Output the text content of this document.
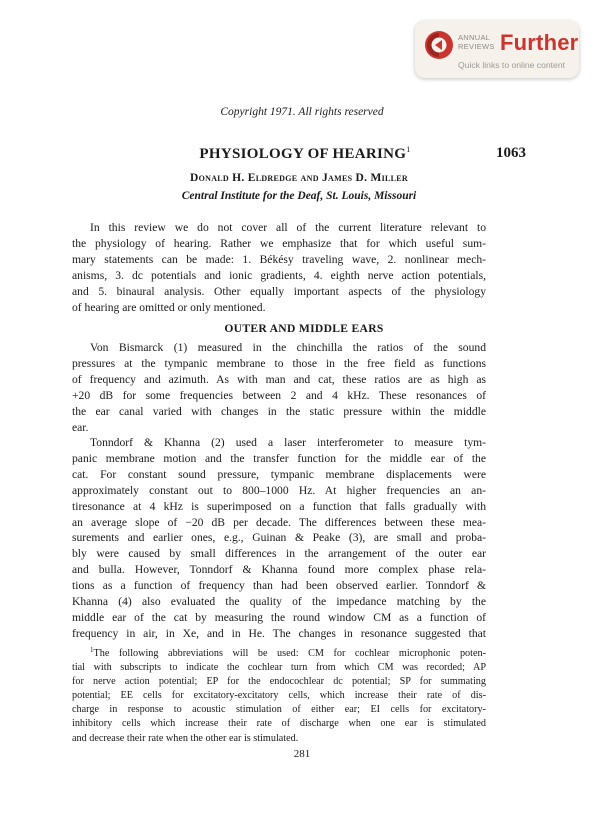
ANNUAL
REVIEWS Further
Quick links to online content
Copyright 1971. All rights reserved
PHYSIOLOGY OF HEARING$^1$	1063
Donald H. Eldredge and James D. Miller
Central Institute for the Deaf, St. Louis, Missouri
In this review we do not cover all of the current literature relevant to
the physiology of hearing. Rather we emphasize that for which useful sum-
mary statements can be made: 1. Békésy traveling wave, 2. nonlinear mech-
anisms, 3. dc potentials and ionic gradients, 4. eighth nerve action potentials,
and 5. binaural analysis. Other equally important aspects of the physiology
of hearing are omitted or only mentioned.
OUTER AND MIDDLE EARS
Von Bismarck (1) measured in the chinchilla the ratios of the sound
pressures at the tympanic membrane to those in the free field as functions
of frequency and azimuth. As with man and cat, these ratios are as high as
+20 dB for some frequencies between 2 and 4 kHz. These resonances of
the ear canal varied with changes in the static pressure within the middle
ear.
Tonndorf & Khanna (2) used a laser interferometer to measure tym-
panic membrane motion and the transfer function for the middle ear of the
cat. For constant sound pressure, tympanic membrane displacements were
approximately constant out to 800–1000 Hz. At higher frequencies an an-
tiresonance at 4 kHz is superimposed on a function that falls gradually with
an average slope of −20 dB per decade. The differences between these mea-
surements and earlier ones, e.g., Guinan & Peake (3), are small and proba-
bly were caused by small differences in the arrangement of the outer ear
and bulla. However, Tonndorf & Khanna found more complex phase rela-
tions as a function of frequency than had been observed earlier. Tonndorf &
Khanna (4) also evaluated the quality of the impedance matching by the
middle ear of the cat by measuring the round window CM as a function of
frequency in air, in Xe, and in He. The changes in resonance suggested that
$^1$The following abbreviations will be used: CM for cochlear microphonic poten-
tial with subscripts to indicate the cochlear turn from which CM was recorded; AP
for nerve action potential; EP for the endocochlear dc potential; SP for summating
potential; EE cells for excitatory-excitatory cells, which increase their rate of dis-
charge in response to acoustic stimulation of either ear; EI cells for excitatory-
inhibitory cells which increase their rate of discharge when one ear is stimulated
and decrease their rate when the other ear is stimulated.
281
